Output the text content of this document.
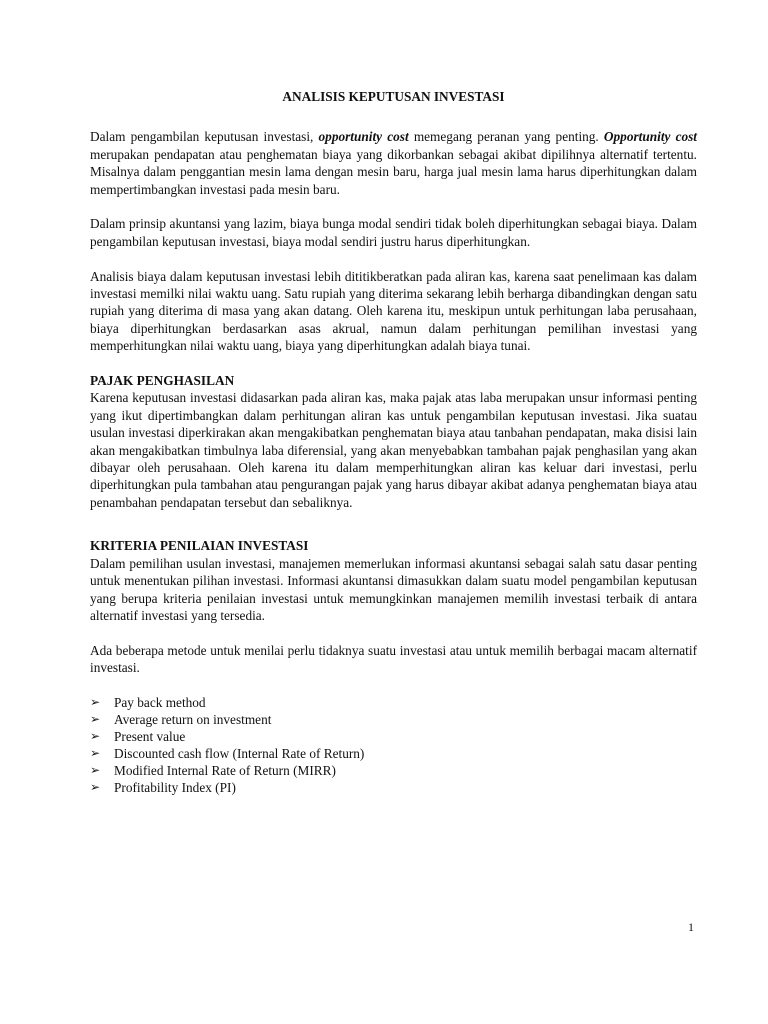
ANALISIS KEPUTUSAN INVESTASI

Dalam pengambilan keputusan investasi, opportunity cost memegang peranan yang penting. Opportunity cost merupakan pendapatan atau penghematan biaya yang dikorbankan sebagai akibat dipilihnya alternatif tertentu. Misalnya dalam penggantian mesin lama dengan mesin baru, harga jual mesin lama harus diperhitungkan dalam mempertimbangkan investasi pada mesin baru.

Dalam prinsip akuntansi yang lazim, biaya bunga modal sendiri tidak boleh diperhitungkan sebagai biaya. Dalam pengambilan keputusan investasi, biaya modal sendiri justru harus diperhitungkan.

Analisis biaya dalam keputusan investasi lebih dititikberatkan pada aliran kas, karena saat penelimaan kas dalam investasi memilki nilai waktu uang. Satu rupiah yang diterima sekarang lebih berharga dibandingkan dengan satu rupiah yang diterima di masa yang akan datang. Oleh karena itu, meskipun untuk perhitungan laba perusahaan, biaya diperhitungkan berdasarkan asas akrual, namun dalam perhitungan pemilihan investasi yang memperhitungkan nilai waktu uang, biaya yang diperhitungkan adalah biaya tunai.

PAJAK PENGHASILAN

Karena keputusan investasi didasarkan pada aliran kas, maka pajak atas laba merupakan unsur informasi penting yang ikut dipertimbangkan dalam perhitungan aliran kas untuk pengambilan keputusan investasi. Jika suatau usulan investasi diperkirakan akan mengakibatkan penghematan biaya atau tanbahan pendapatan, maka disisi lain akan mengakibatkan timbulnya laba diferensial, yang akan menyebabkan tambahan pajak penghasilan yang akan dibayar oleh perusahaan. Oleh karena itu dalam memperhitungkan aliran kas keluar dari investasi, perlu diperhitungkan pula tambahan atau pengurangan pajak yang harus dibayar akibat adanya penghematan biaya atau penambahan pendapatan tersebut dan sebaliknya.

KRITERIA PENILAIAN INVESTASI

Dalam pemilihan usulan investasi, manajemen memerlukan informasi akuntansi sebagai salah satu dasar penting untuk menentukan pilihan investasi. Informasi akuntansi dimasukkan dalam suatu model pengambilan keputusan yang berupa kriteria penilaian investasi untuk memungkinkan manajemen memilih investasi terbaik di antara alternatif investasi yang tersedia.

Ada beberapa metode untuk menilai perlu tidaknya suatu investasi atau untuk memilih berbagai macam alternatif investasi.

➢ Pay back method
➢ Average return on investment
➢ Present value
➢ Discounted cash flow (Internal Rate of Return)
➢ Modified Internal Rate of Return (MIRR)
➢ Profitability Index (PI)
1
